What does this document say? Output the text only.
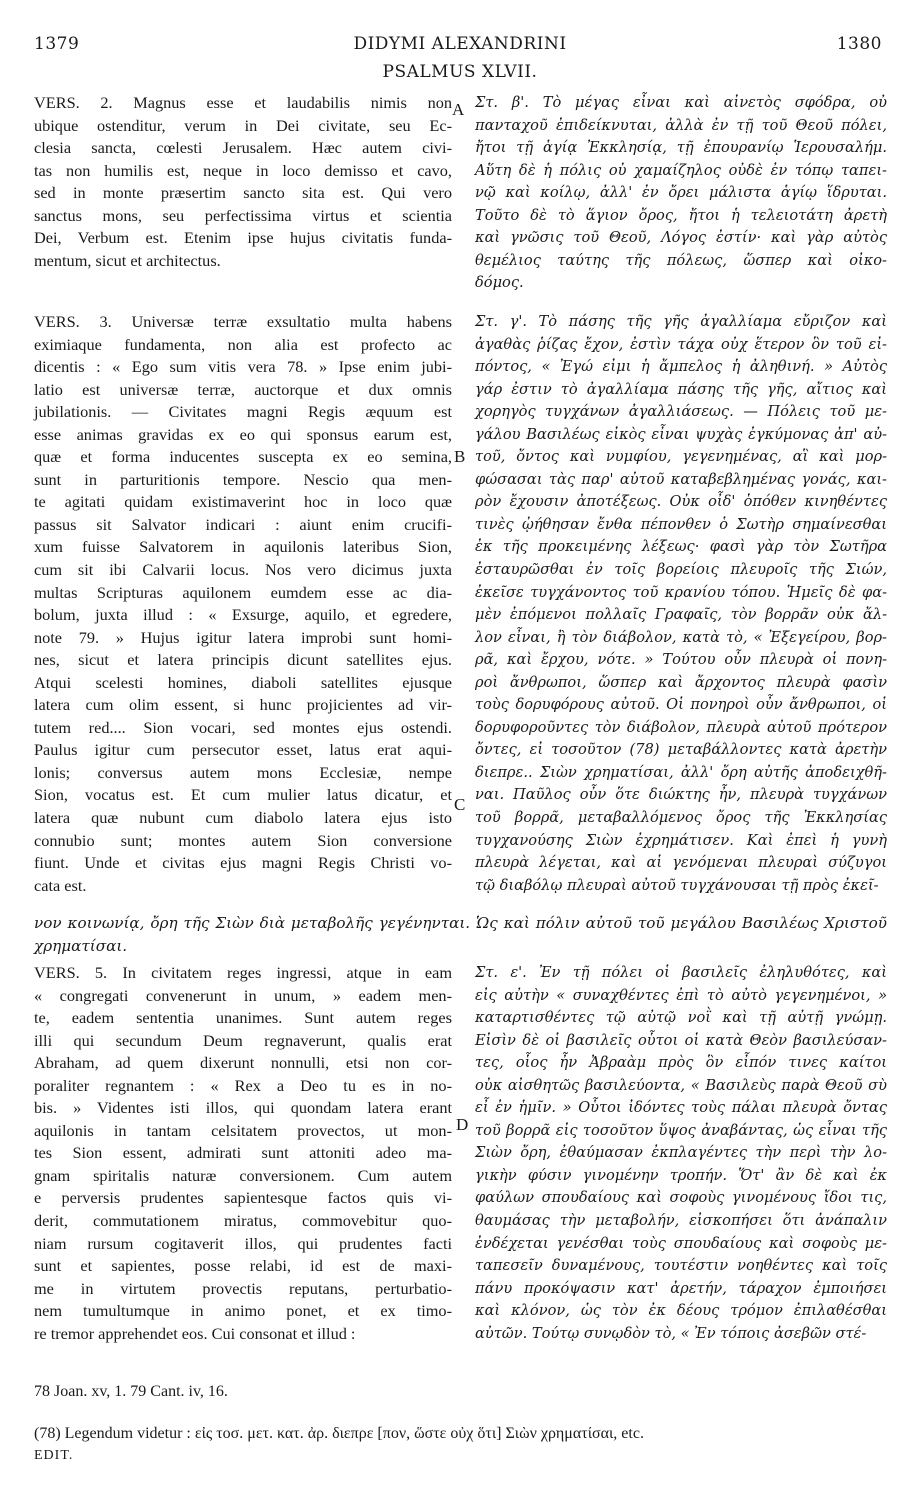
1379	DIDYMI ALEXANDRINI	1380
PSALMUS XLVII.
VERS. 2. Magnus esse et laudabilis nimis non
ubique ostenditur, verum in Dei civitate, seu Ec-
clesia sancta, cœlesti Jerusalem. Hæc autem civi-
tas non humilis est, neque in loco demisso et cavo,
sed in monte præsertim sancto sita est. Qui vero
sanctus mons, seu perfectissima virtus et scientia
Dei, Verbum est. Etenim ipse hujus civitatis funda-
mentum, sicut et architectus.
VERS. 3. Universæ terræ exsultatio multa habens
eximiaque fundamenta, non alia est profecto ac
dicentis : « Ego sum vitis vera 78. » Ipse enim jubi-
latio est universæ terræ, auctorque et dux omnis
jubilationis. — Civitates magni Regis æquum est
esse animas gravidas ex eo qui sponsus earum est,
quæ et forma inducentes suscepta ex eo semina,
sunt in parturitionis tempore. Nescio qua men-
te agitati quidam existimaverint hoc in loco quæ
passus sit Salvator indicari : aiunt enim crucifi-
xum fuisse Salvatorem in aquilonis lateribus Sion,
cum sit ibi Calvarii locus. Nos vero dicimus juxta
multas Scripturas aquilonem eumdem esse ac dia-
bolum, juxta illud : « Exsurge, aquilo, et egredere,
note 79. » Hujus igitur latera improbi sunt homi-
nes, sicut et latera principis dicunt satellites ejus.
Atqui scelesti homines, diaboli satellites ejusque
latera cum olim essent, si hunc projicientes ad vir-
tutem red.... Sion vocari, sed montes ejus ostendi.
Paulus igitur cum persecutor esset, latus erat aqui-
lonis; conversus autem mons Ecclesiæ, nempe
Sion, vocatus est. Et cum mulier latus dicatur, et
latera quæ nubunt cum diabolo latera ejus isto
connubio sunt; montes autem Sion conversione
fiunt. Unde et civitas ejus magni Regis Christi vo-
cata est.
Στ. β'. Τὸ μέγας εἶναι καὶ αἰνετὸς σφόδρα, οὐ
πανταχοῦ ἐπιδείκνυται, ἀλλὰ ἐν τῇ τοῦ Θεοῦ πόλει,
ἤτοι τῇ ἁγίᾳ Ἐκκλησίᾳ, τῇ ἐπουρανίῳ Ἱερουσαλήμ.
Αὕτη δὲ ἡ πόλις οὐ χαμαίζηλος οὐδὲ ἐν τόπῳ ταπει-
νῷ καὶ κοίλῳ, ἀλλ' ἐν ὄρει μάλιστα ἁγίῳ ἵδρυται.
Τοῦτο δὲ τὸ ἅγιον ὄρος, ἤτοι ἡ τελειοτάτη ἀρετὴ
καὶ γνῶσις τοῦ Θεοῦ, Λόγος ἐστίν· καὶ γὰρ αὐτὸς
θεμέλιος ταύτης τῆς πόλεως, ὥσπερ καὶ οἰκο-
δόμος.
Στ. γ'. Τὸ πάσης τῆς γῆς ἀγαλλίαμα εὔριζον καὶ
ἀγαθὰς ῥίζας ἔχον, ἐστὶν τάχα οὐχ ἕτερον ὃν τοῦ εἰ-
πόντος, « Ἐγώ εἰμι ἡ ἄμπελος ἡ ἀληθινή. » Αὐτὸς
γάρ ἐστιν τὸ ἀγαλλίαμα πάσης τῆς γῆς, αἴτιος καὶ
χορηγὸς τυγχάνων ἀγαλλιάσεως. — Πόλεις τοῦ με-
γάλου Βασιλέως εἰκὸς εἶναι ψυχὰς ἐγκύμονας ἀπ' αὐ-
τοῦ, ὄντος καὶ νυμφίου, γεγενημένας, αἳ καὶ μορ-
φώσασαι τὰς παρ' αὐτοῦ καταβεβλημένας γονάς, και-
ρὸν ἔχουσιν ἀποτέξεως. Οὐκ οἶδ' ὁπόθεν κινηθέντες
τινὲς ᾠήθησαν ἔνθα πέπονθεν ὁ Σωτὴρ σημαίνεσθαι
ἐκ τῆς προκειμένης λέξεως· φασὶ γὰρ τὸν Σωτῆρα
ἐσταυρῶσθαι ἐν τοῖς βορείοις πλευροῖς τῆς Σιών,
ἐκεῖσε τυγχάνοντος τοῦ κρανίου τόπου. Ἡμεῖς δὲ φα-
μὲν ἑπόμενοι πολλαῖς Γραφαῖς, τὸν βορρᾶν οὐκ ἄλ-
λον εἶναι, ἢ τὸν διάβολον, κατὰ τὸ, « Ἐξεγείρου, βορ-
ρᾶ, καὶ ἔρχου, νότε. » Τούτου οὖν πλευρὰ οἱ πονη-
ροὶ ἄνθρωποι, ὥσπερ καὶ ἄρχοντος πλευρὰ φασὶν
τοὺς δορυφόρους αὐτοῦ. Οἱ πονηροὶ οὖν ἄνθρωποι, οἱ
δορυφοροῦντες τὸν διάβολον, πλευρὰ αὐτοῦ πρότερον
ὄντες, εἰ τοσοῦτον (78) μεταβάλλοντες κατὰ ἀρετὴν
διεπρε.. Σιὼν χρηματίσαι, ἀλλ' ὄρη αὐτῆς ἀποδειχθῆ-
ναι. Παῦλος οὖν ὅτε διώκτης ἦν, πλευρὰ τυγχάνων
τοῦ βορρᾶ, μεταβαλλόμενος ὄρος τῆς Ἐκκλησίας
τυγχανούσης Σιὼν ἐχρημάτισεν. Καὶ ἐπεὶ ἡ γυνὴ
πλευρὰ λέγεται, καὶ αἱ γενόμεναι πλευραὶ σύζυγοι
τῷ διαβόλῳ πλευραὶ αὐτοῦ τυγχάνουσαι τῇ πρὸς ἐκεῖ-
νον κοινωνίᾳ, ὄρη τῆς Σιὼν διὰ μεταβολῆς γεγένηνται. Ὡς καὶ πόλιν αὐτοῦ τοῦ μεγάλου Βασιλέως Χριστοῦ
χρηματίσαι.
VERS. 5. In civitatem reges ingressi, atque in eam
« congregati convenerunt in unum, » eadem men-
te, eadem sententia unanimes. Sunt autem reges
illi qui secundum Deum regnaverunt, qualis erat
Abraham, ad quem dixerunt nonnulli, etsi non cor-
poraliter regnantem : « Rex a Deo tu es in no-
bis. » Videntes isti illos, qui quondam latera erant
aquilonis in tantam celsitatem provectos, ut mon-
tes Sion essent, admirati sunt attoniti adeo ma-
gnam spiritalis naturæ conversionem. Cum autem
e perversis prudentes sapientesque factos quis vi-
derit, commutationem miratus, commovebitur quo-
niam rursum cogitaverit illos, qui prudentes facti
sunt et sapientes, posse relabi, id est de maxi-
me in virtutem provectis reputans, perturbatio-
nem tumultumque in animo ponet, et ex timo-
re tremor apprehendet eos. Cui consonat et illud :
Στ. ε'. Ἐν τῇ πόλει οἱ βασιλεῖς ἐληλυθότες, καὶ
εἰς αὐτὴν « συναχθέντες ἐπὶ τὸ αὐτὸ γεγενημένοι, »
καταρτισθέντες τῷ αὐτῷ νοῒ καὶ τῇ αὐτῇ γνώμῃ.
Εἰσὶν δὲ οἱ βασιλεῖς οὗτοι οἱ κατὰ Θεὸν βασιλεύσαν-
τες, οἷος ἦν Ἀβραὰμ πρὸς ὃν εἶπόν τινες καίτοι
οὐκ αἰσθητῶς βασιλεύοντα, « Βασιλεὺς παρὰ Θεοῦ σὺ
εἶ ἐν ἡμῖν. » Οὗτοι ἰδόντες τοὺς πάλαι πλευρὰ ὄντας
τοῦ βορρᾶ εἰς τοσοῦτον ὕψος ἀναβάντας, ὡς εἶναι τῆς
Σιὼν ὄρη, ἐθαύμασαν ἐκπλαγέντες τὴν περὶ τὴν λο-
γικὴν φύσιν γινομένην τροπήν. Ὅτ' ἂν δὲ καὶ ἐκ
φαύλων σπουδαίους καὶ σοφοὺς γινομένους ἴδοι τις,
θαυμάσας τὴν μεταβολήν, εἰσκοπήσει ὅτι ἀνάπαλιν
ἐνδέχεται γενέσθαι τοὺς σπουδαίους καὶ σοφοὺς με-
ταπεσεῖν δυναμένους, τουτέστιν νοηθέντες καὶ τοῖς
πάνυ προκόψασιν κατ' ἀρετήν, τάραχον ἐμποιήσει
καὶ κλόνον, ὡς τὸν ἐκ δέους τρόμον ἐπιλαθέσθαι
αὐτῶν. Τούτῳ συνῳδὸν τὸ, « Ἐν τόποις ἀσεβῶν στέ-
A
B
C
D
78 Joan. xv, 1. 79 Cant. iv, 16.
(78) Legendum videtur : εἰς τοσ. μετ. κατ. ἀρ. διεπρε [πον, ὥστε οὐχ ὅτι] Σιὼν χρηματίσαι, etc.
EDIT.
